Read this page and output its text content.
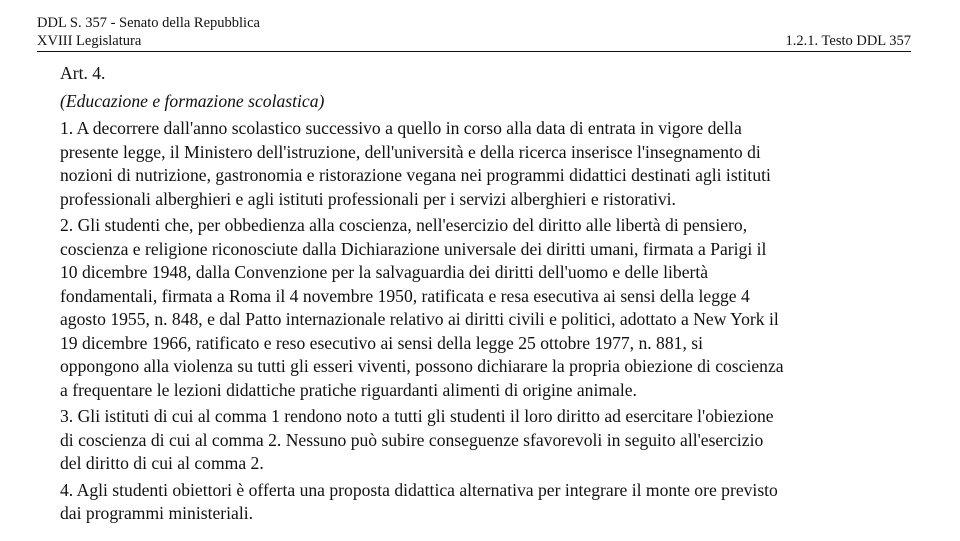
DDL S. 357 - Senato della Repubblica
XVIII Legislatura	1.2.1. Testo DDL 357

Art. 4.

(Educazione e formazione scolastica)

1. A decorrere dall'anno scolastico successivo a quello in corso alla data di entrata in vigore della
presente legge, il Ministero dell'istruzione, dell'università e della ricerca inserisce l'insegnamento di
nozioni di nutrizione, gastronomia e ristorazione vegana nei programmi didattici destinati agli istituti
professionali alberghieri e agli istituti professionali per i servizi alberghieri e ristorativi.

2. Gli studenti che, per obbedienza alla coscienza, nell'esercizio del diritto alle libertà di pensiero,
coscienza e religione riconosciute dalla Dichiarazione universale dei diritti umani, firmata a Parigi il
10 dicembre 1948, dalla Convenzione per la salvaguardia dei diritti dell'uomo e delle libertà
fondamentali, firmata a Roma il 4 novembre 1950, ratificata e resa esecutiva ai sensi della legge 4
agosto 1955, n. 848, e dal Patto internazionale relativo ai diritti civili e politici, adottato a New York il
19 dicembre 1966, ratificato e reso esecutivo ai sensi della legge 25 ottobre 1977, n. 881, si
oppongono alla violenza su tutti gli esseri viventi, possono dichiarare la propria obiezione di coscienza
a frequentare le lezioni didattiche pratiche riguardanti alimenti di origine animale.

3. Gli istituti di cui al comma 1 rendono noto a tutti gli studenti il loro diritto ad esercitare l'obiezione
di coscienza di cui al comma 2. Nessuno può subire conseguenze sfavorevoli in seguito all'esercizio
del diritto di cui al comma 2.

4. Agli studenti obiettori è offerta una proposta didattica alternativa per integrare il monte ore previsto
dai programmi ministeriali.
